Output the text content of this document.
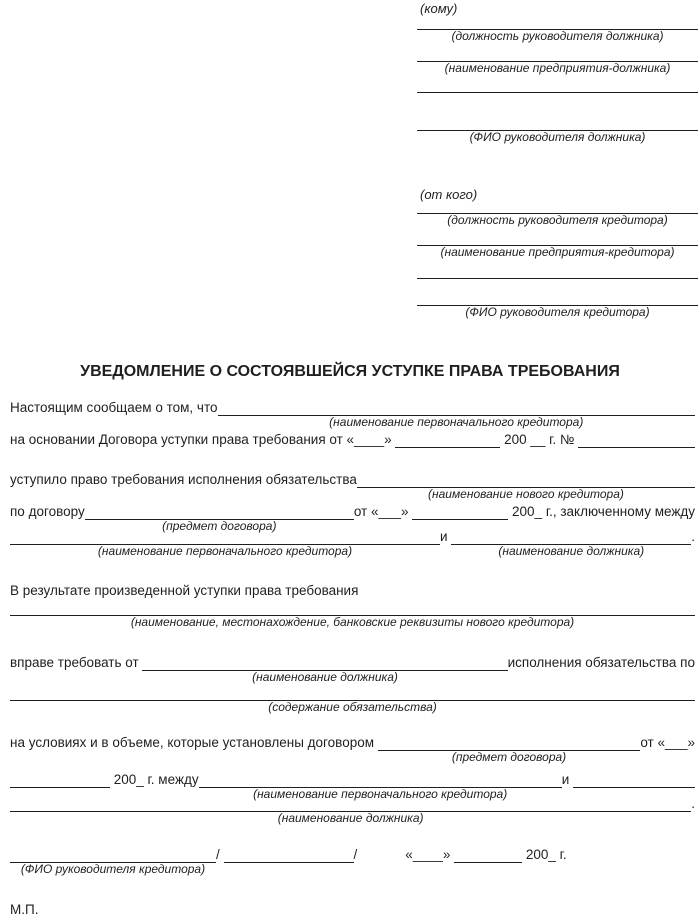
(кому)
(должность руководителя должника)
(наименование предприятия-должника)
(ФИО руководителя должника)
(от кого)
(должность руководителя кредитора)
(наименование предприятия-кредитора)
(ФИО руководителя кредитора)
УВЕДОМЛЕНИЕ О СОСТОЯВШЕЙСЯ УСТУПКЕ ПРАВА ТРЕБОВАНИЯ
Настоящим сообщаем о том, что
(наименование первоначального кредитора)
на основании Договора уступки права требования от «____»	200 __ г. №
уступило право требования исполнения обязательства
(наименование нового кредитора)
по договору
(предмет договора)
от «___»	200_ г., заключенному между
(наименование первоначального кредитора)
и
(наименование должника)
.
В результате произведенной уступки права требования
(наименование, местонахождение, банковские реквизиты нового кредитора)
вправе требовать от
(наименование должника)
исполнения обязательства по
(содержание обязательства)
на условиях и в объеме, которые установлены договором
(предмет договора)
от «___»
200_ г. между
(наименование первоначального кредитора)
и
(наименование должника)
.
(ФИО руководителя кредитора)
/	/	«____»	200_ г.
М.П.
